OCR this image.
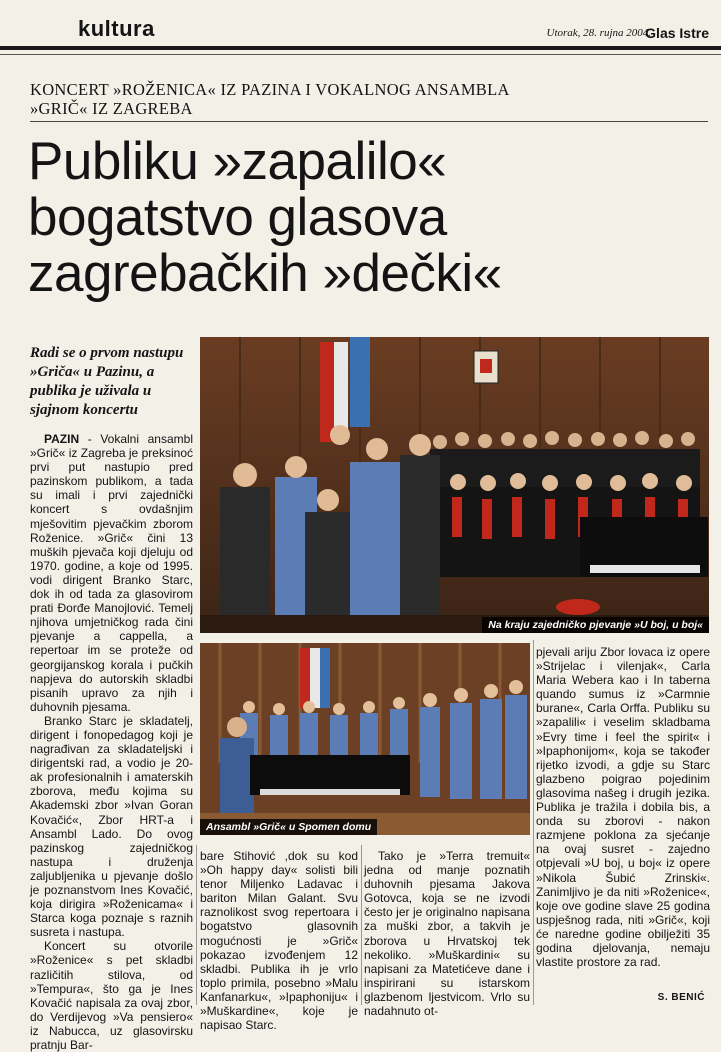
kultura	Utorak, 28. rujna 2004.
Glas Istre

KONCERT »ROŽENICA« IZ PAZINA I VOKALNOG ANSAMBLA
»GRIČ« IZ ZAGREBA
Publiku »zapalilo«
bogatstvo glasova
zagrebačkih »dečki«
Radi se o prvom nastupu »Griča« u Pazinu, a publika je uživala u sjajnom koncertu
Na kraju zajedničko pjevanje »U boj, u boj«
Ansambl »Grič« u Spomen domu

PAZIN - Vokalni ansambl »Grič« iz Zagreba je preksinoć prvi put nastupio pred pazinskom publikom, a tada su imali i prvi zajednički koncert s ovdašnjim mješovitim pjevačkim zborom Roženice. »Grič« čini 13 muških pjevača koji djeluju od 1970. godine, a koje od 1995. vodi dirigent Branko Starc, dok ih od tada za glasovirom prati Đorđe Manojlović. Temelj njihova umjetničkog rada čini pjevanje a cappella, a repertoar im se proteže od georgijanskog korala i pučkih napjeva do autorskih skladbi pisanih upravo za njih i duhovnih pjesama.

Branko Starc je skladatelj, dirigent i fonopedagog koji je nagrađivan za skladateljski i dirigentski rad, a vodio je 20-ak profesionalnih i amaterskih zborova, među kojima su Akademski zbor »Ivan Goran Kovačić«, Zbor HRT-a i Ansambl Lado. Do ovog pazinskog zajedničkog nastupa i druženja zaljubljenika u pjevanje došlo je poznanstvom Ines Kovačić, koja dirigira »Roženicama« i Starca koga poznaje s raznih susreta i nastupa.

Koncert su otvorile »Roženice« s pet skladbi različitih stilova, od »Tempura«, što ga je Ines Kovačić napisala za ovaj zbor, do Verdijevog »Va pensiero« iz Nabucca, uz glasovirsku pratnju Bar-

bare Stihović ,dok su kod »Oh happy day« solisti bili tenor Miljenko Ladavac i bariton Milan Galant. Svu raznolikost svog repertoara i bogatstvo glasovnih mogućnosti je »Grič« pokazao izvođenjem 12 skladbi. Publika ih je vrlo toplo primila, posebno »Malu Kanfanarku«, »Ipaphoniju« i »Muškardine«, koje je napisao Starc.

Tako je »Terra tremuit« jedna od manje poznatih duhovnih pjesama Jakova Gotovca, koja se ne izvodi često jer je originalno napisana za muški zbor, a takvih je zborova u Hrvatskoj tek nekoliko. »Muškardini« su napisani za Matetićeve dane i inspirirani su istarskom glazbenom ljestvicom. Vrlo su nadahnuto ot-

pjevali ariju Zbor lovaca iz opere »Strijelac i vilenjak«, Carla Maria Webera kao i In taberna quando sumus iz »Carmnie burane«, Carla Orffa. Publiku su »zapalili« i veselim skladbama »Evry time i feel the spirit« i »Ipaphonijom«, koja se također rijetko izvodi, a gdje su Starc glazbeno poigrao pojedinim glasovima našeg i drugih jezika. Publika je tražila i dobila bis, a onda su zborovi - nakon razmjene poklona za sjećanje na ovaj susret - zajedno otpjevali »U boj, u boj« iz opere »Nikola Šubić Zrinski«. Zanimljivo je da niti »Roženice«, koje ove godine slave 25 godina uspješnog rada, niti »Grič«, koji će naredne godine obilježiti 35 godina djelovanja, nemaju vlastite prostore za rad.

S. BENIĆ
